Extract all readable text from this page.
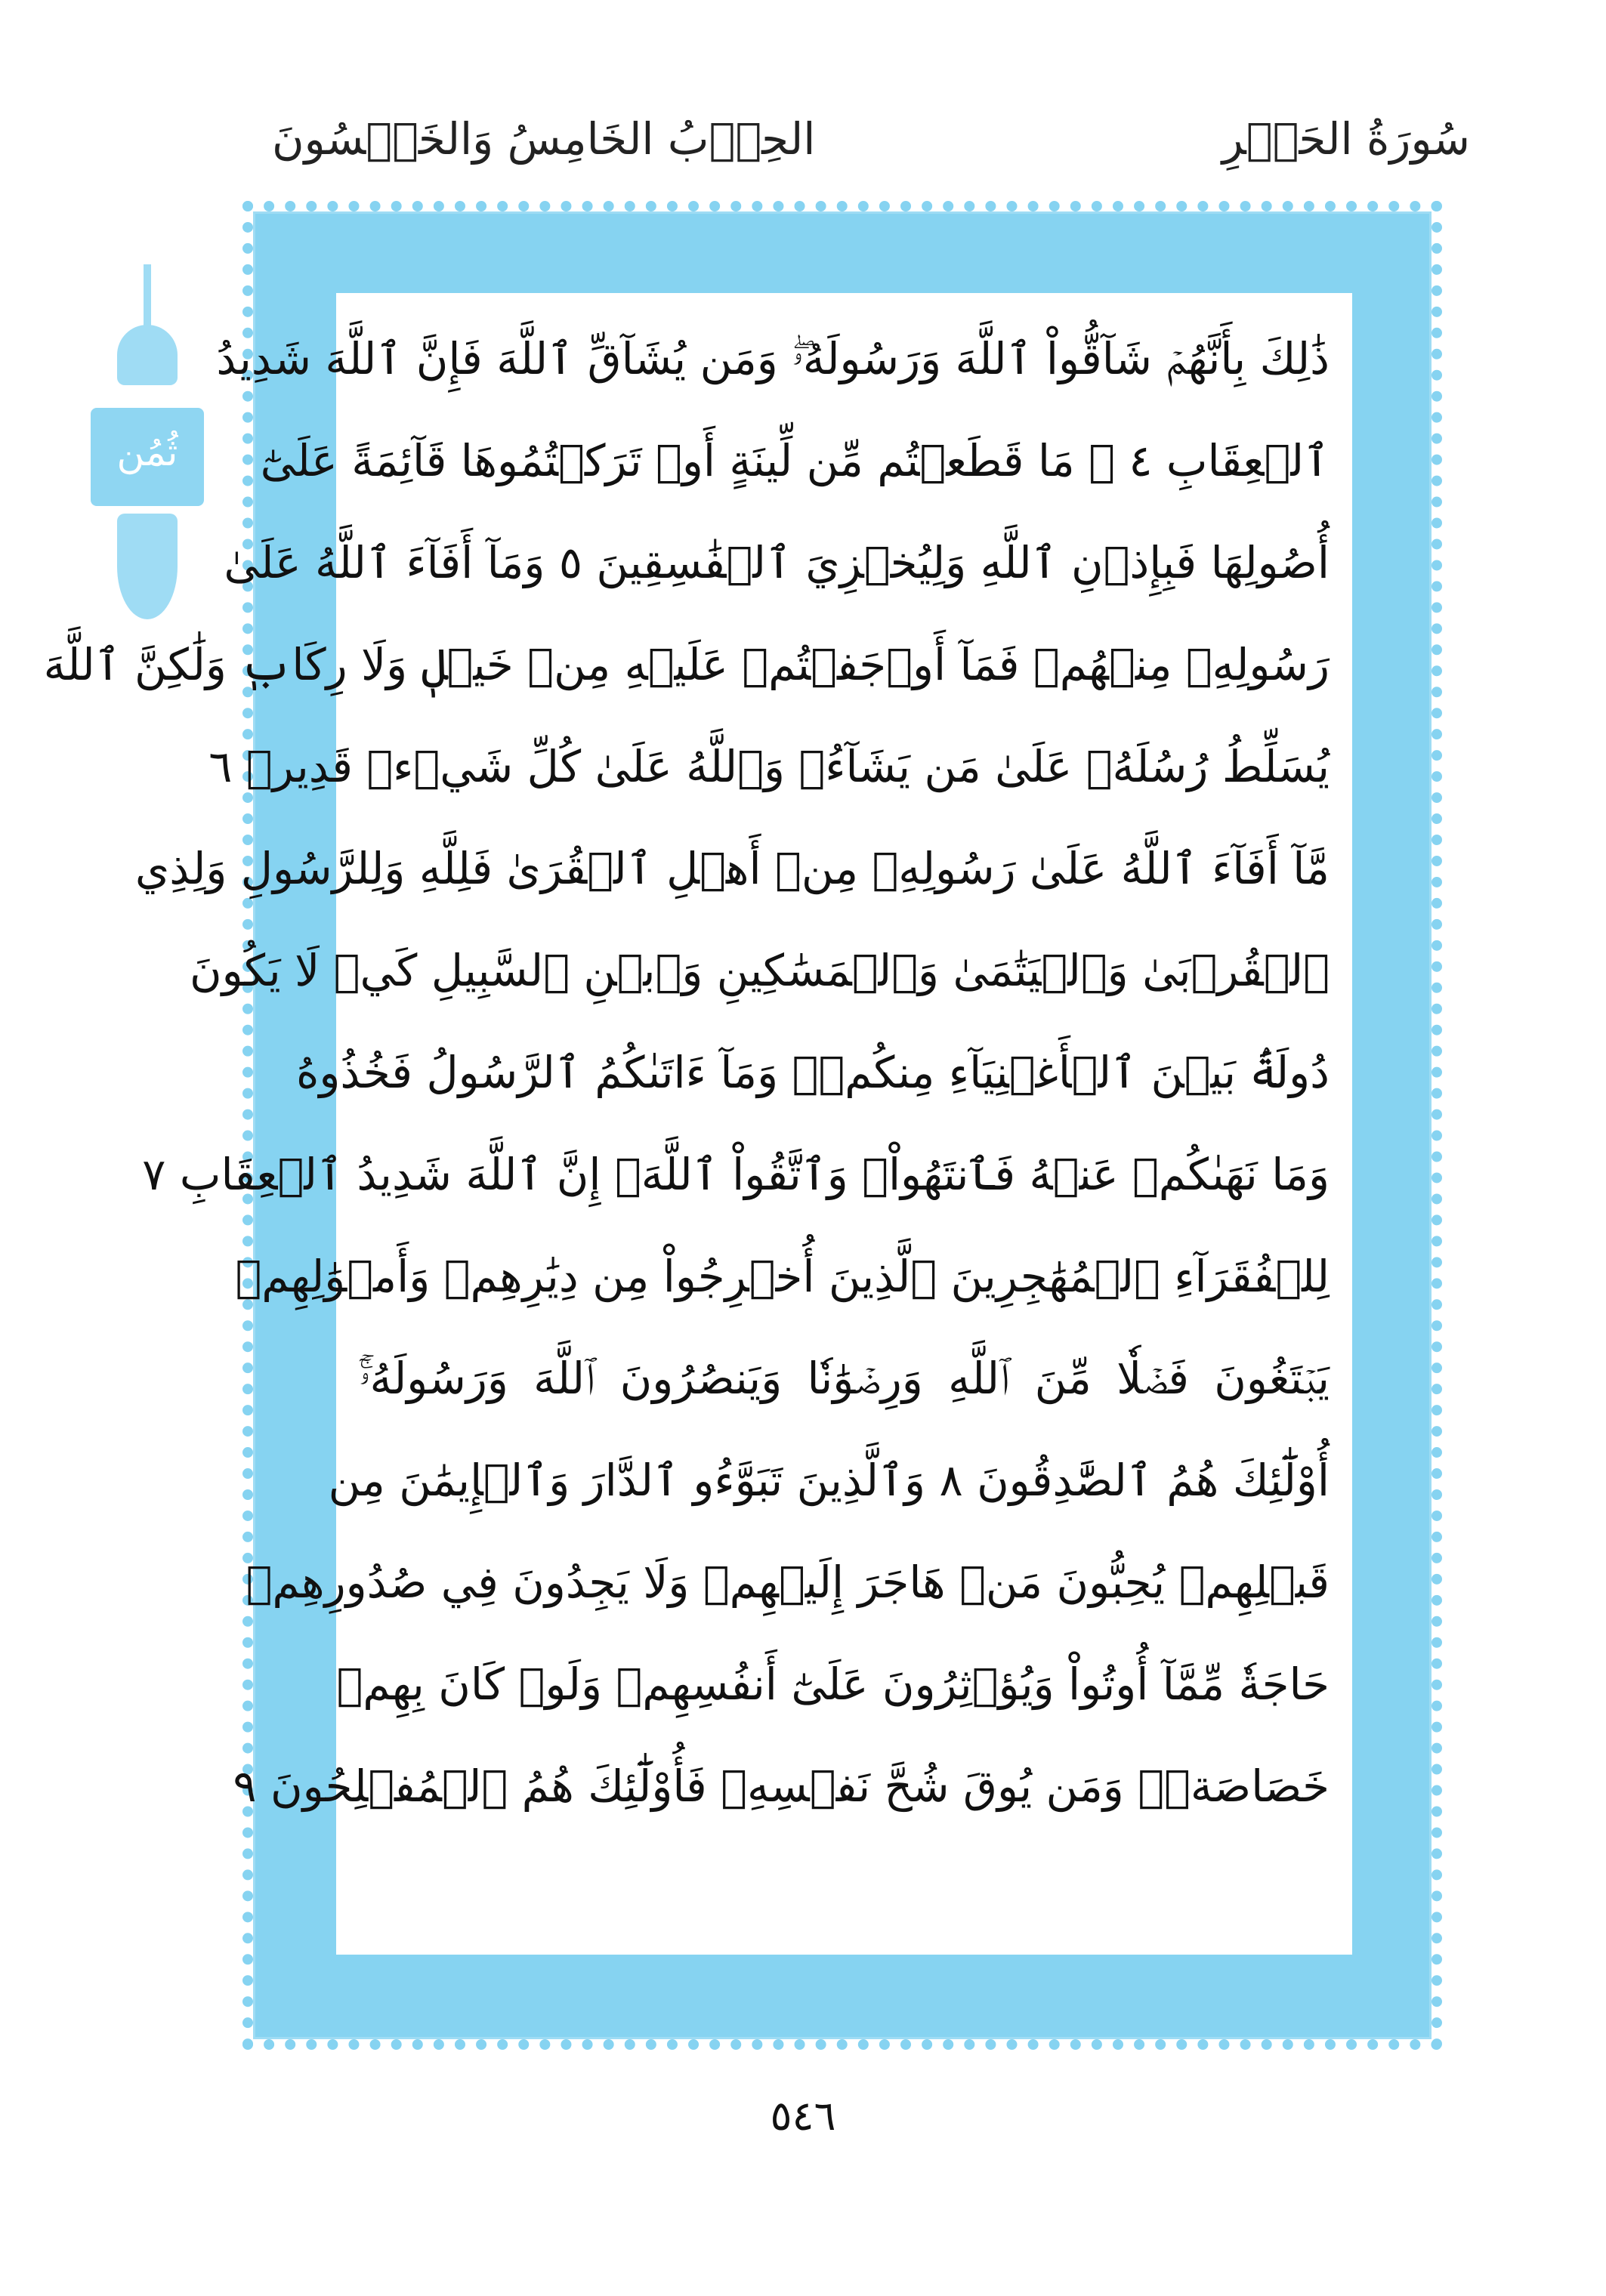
سُورَةُ الحَشۡرِ
الحِزۡبُ الخَامِسُ وَالخَمۡسُونَ
ثُمُن
ذَٰلِكَ بِأَنَّهُمۡ شَآقُّواْ ٱللَّهَ وَرَسُولَهُۥۖ وَمَن يُشَآقِّ ٱللَّهَ فَإِنَّ ٱللَّهَ شَدِيدُ
ٱلۡعِقَابِ ٤ ۞ مَا قَطَعۡتُم مِّن لِّينَةٍ أَوۡ تَرَكۡتُمُوهَا قَآئِمَةً عَلَىٰٓ
أُصُولِهَا فَبِإِذۡنِ ٱللَّهِ وَلِيُخۡزِيَ ٱلۡفَٰسِقِينَ ٥ وَمَآ أَفَآءَ ٱللَّهُ عَلَىٰ
رَسُولِهِۦ مِنۡهُمۡ فَمَآ أَوۡجَفۡتُمۡ عَلَيۡهِ مِنۡ خَيۡلٖ وَلَا رِكَابٖ وَلَٰكِنَّ ٱللَّهَ
يُسَلِّطُ رُسُلَهُۥ عَلَىٰ مَن يَشَآءُۚ وَٱللَّهُ عَلَىٰ كُلِّ شَيۡءٖ قَدِيرٞ ٦
مَّآ أَفَآءَ ٱللَّهُ عَلَىٰ رَسُولِهِۦ مِنۡ أَهۡلِ ٱلۡقُرَىٰ فَلِلَّهِ وَلِلرَّسُولِ وَلِذِي
ٱلۡقُرۡبَىٰ وَٱلۡيَتَٰمَىٰ وَٱلۡمَسَٰكِينِ وَٱبۡنِ ٱلسَّبِيلِ كَيۡ لَا يَكُونَ
دُولَةَۢ بَيۡنَ ٱلۡأَغۡنِيَآءِ مِنكُمۡۚ وَمَآ ءَاتَىٰكُمُ ٱلرَّسُولُ فَخُذُوهُ
وَمَا نَهَىٰكُمۡ عَنۡهُ فَٱنتَهُواْۚ وَٱتَّقُواْ ٱللَّهَۖ إِنَّ ٱللَّهَ شَدِيدُ ٱلۡعِقَابِ ٧
لِلۡفُقَرَآءِ ٱلۡمُهَٰجِرِينَ ٱلَّذِينَ أُخۡرِجُواْ مِن دِيَٰرِهِمۡ وَأَمۡوَٰلِهِمۡ
يَبۡتَغُونَ فَضۡلٗا مِّنَ ٱللَّهِ وَرِضۡوَٰنٗا وَيَنصُرُونَ ٱللَّهَ وَرَسُولَهُۥٓۚ
أُوْلَٰٓئِكَ هُمُ ٱلصَّٰدِقُونَ ٨ وَٱلَّذِينَ تَبَوَّءُو ٱلدَّارَ وَٱلۡإِيمَٰنَ مِن
قَبۡلِهِمۡ يُحِبُّونَ مَنۡ هَاجَرَ إِلَيۡهِمۡ وَلَا يَجِدُونَ فِي صُدُورِهِمۡ
حَاجَةٗ مِّمَّآ أُوتُواْ وَيُؤۡثِرُونَ عَلَىٰٓ أَنفُسِهِمۡ وَلَوۡ كَانَ بِهِمۡ
خَصَاصَةٞۚ وَمَن يُوقَ شُحَّ نَفۡسِهِۦ فَأُوْلَٰٓئِكَ هُمُ ٱلۡمُفۡلِحُونَ ٩
٥٤٦
